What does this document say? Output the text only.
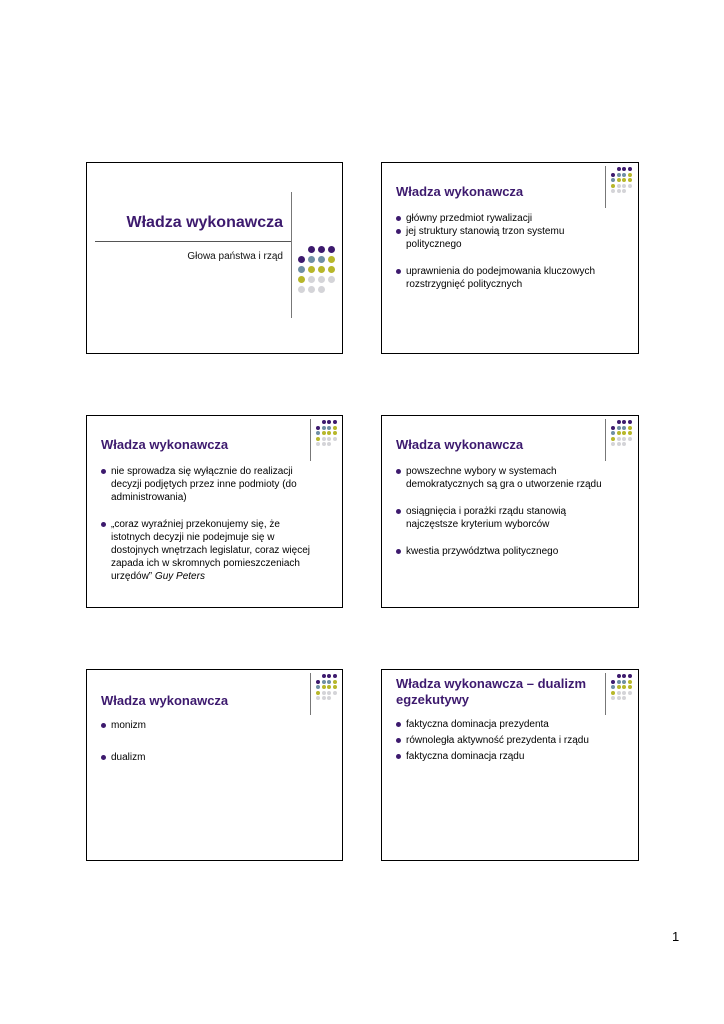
Władza wykonawcza
Głowa państwa i rząd
Władza wykonawcza
główny przedmiot rywalizacji
jej struktury stanowią trzon systemu politycznego
uprawnienia do podejmowania kluczowych rozstrzygnięć politycznych
Władza wykonawcza
nie sprowadza się wyłącznie do realizacji decyzji podjętych przez inne podmioty (do administrowania)
„coraz wyraźniej przekonujemy się, że istotnych decyzji nie podejmuje się w dostojnych wnętrzach legislatur, coraz więcej zapada ich w skromnych pomieszczeniach urzędów” Guy Peters
Władza wykonawcza
powszechne wybory w systemach demokratycznych są gra o utworzenie rządu
osiągnięcia i porażki rządu stanowią najczęstsze kryterium wyborców
kwestia przywództwa politycznego
Władza wykonawcza
monizm
dualizm
Władza wykonawcza – dualizm egzekutywy
faktyczna dominacja prezydenta
równoległa aktywność prezydenta i rządu
faktyczna dominacja rządu
1
